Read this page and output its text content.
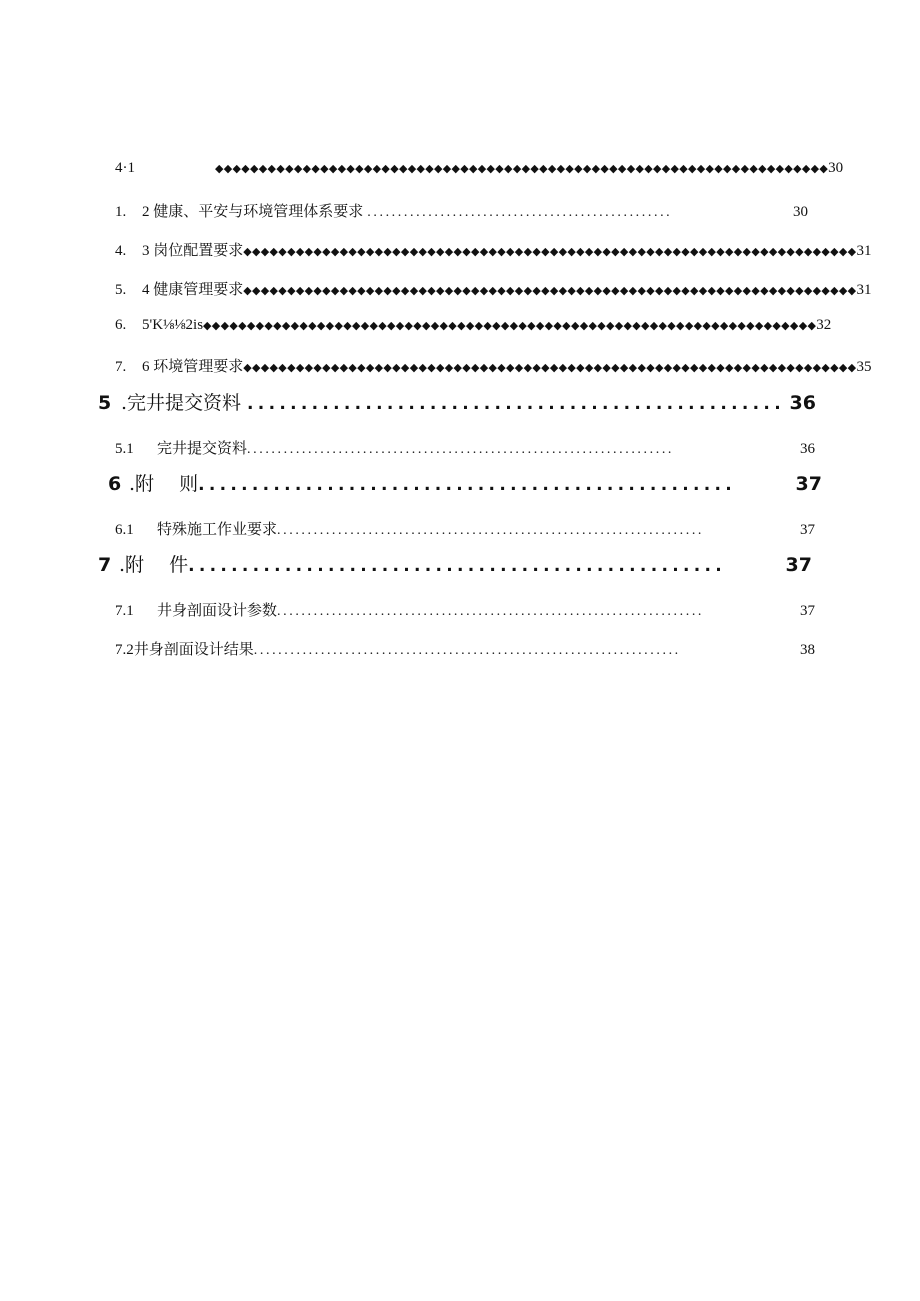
4·1	◆◆◆◆◆◆◆◆◆◆◆◆◆◆◆◆◆◆◆◆◆◆◆◆◆◆◆◆◆◆◆◆◆◆◆◆◆◆◆◆◆◆◆◆◆◆◆◆◆◆◆◆◆◆◆◆◆◆◆◆◆◆◆◆◆◆◆◆◆◆ 30
1.	2 健康、平安与环境管理体系要求 ..................................................	30
4.	3 岗位配置要求 ◆◆◆◆◆◆◆◆◆◆◆◆◆◆◆◆◆◆◆◆◆◆◆◆◆◆◆◆◆◆◆◆◆◆◆◆◆◆◆◆◆◆◆◆◆◆◆◆◆◆◆◆◆◆◆◆◆◆◆◆◆◆◆◆◆◆◆◆◆◆ 31
5.	4 健康管理要求 ◆◆◆◆◆◆◆◆◆◆◆◆◆◆◆◆◆◆◆◆◆◆◆◆◆◆◆◆◆◆◆◆◆◆◆◆◆◆◆◆◆◆◆◆◆◆◆◆◆◆◆◆◆◆◆◆◆◆◆◆◆◆◆◆◆◆◆◆◆◆ 31
6.	5'K⅛⅛2is ◆◆◆◆◆◆◆◆◆◆◆◆◆◆◆◆◆◆◆◆◆◆◆◆◆◆◆◆◆◆◆◆◆◆◆◆◆◆◆◆◆◆◆◆◆◆◆◆◆◆◆◆◆◆◆◆◆◆◆◆◆◆◆◆◆◆◆◆◆◆ 32
7.	6 环境管理要求 ◆◆◆◆◆◆◆◆◆◆◆◆◆◆◆◆◆◆◆◆◆◆◆◆◆◆◆◆◆◆◆◆◆◆◆◆◆◆◆◆◆◆◆◆◆◆◆◆◆◆◆◆◆◆◆◆◆◆◆◆◆◆◆◆◆◆◆◆◆◆ 35
5 .完井提交资料 .................................................. 36
5.1	完井提交资料 ......................................................................	36
6 .附　 则 ..................................................	37
6.1	特殊施工作业要求 ......................................................................	37
7 .附　 件 ..................................................	37
7.1	井身剖面设计参数 ......................................................................	37
7.2 井身剖面设计结果 ......................................................................	38
